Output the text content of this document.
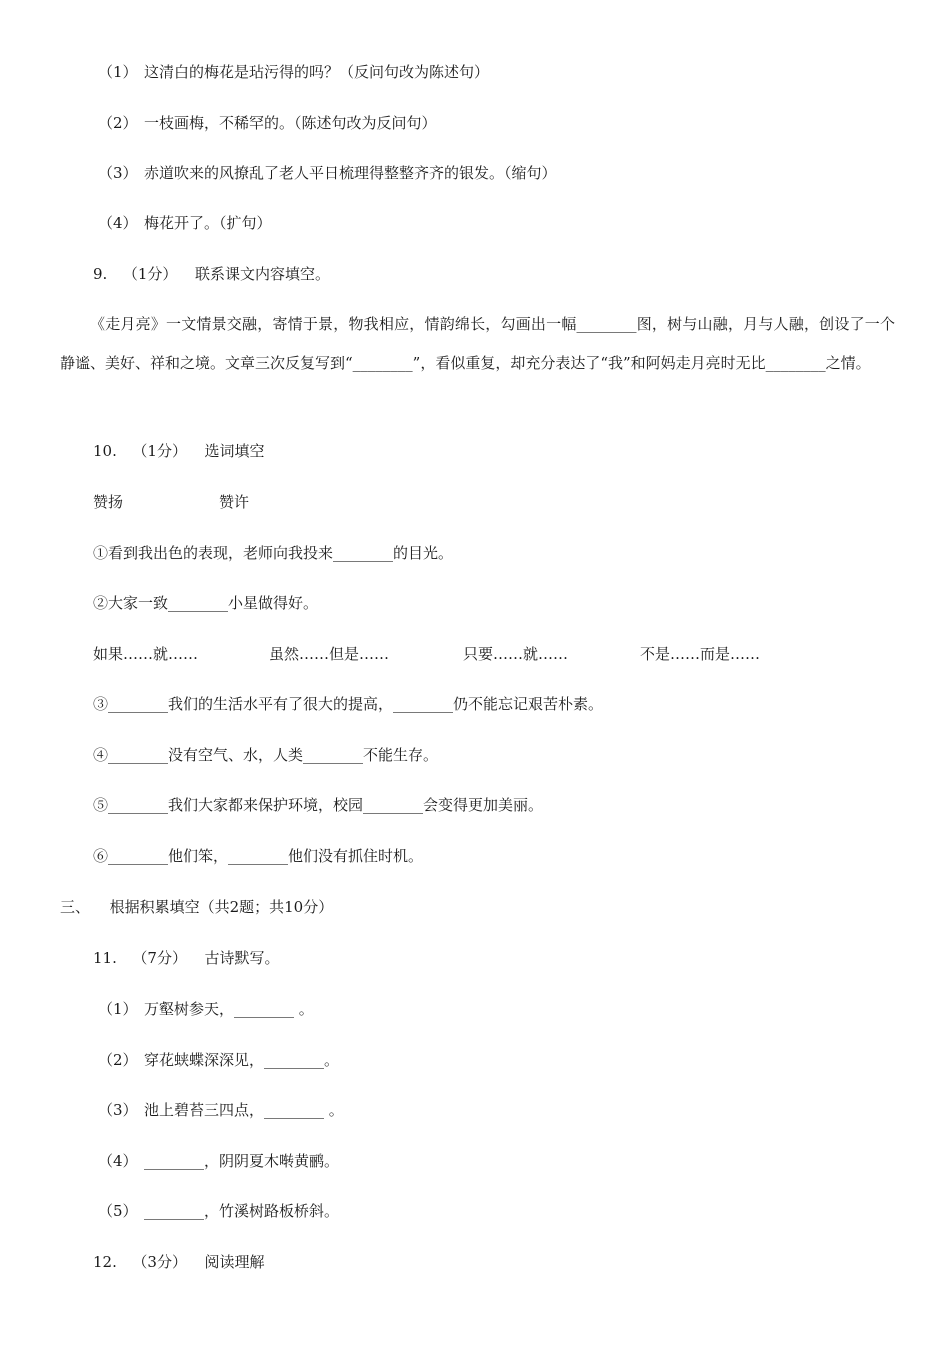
（1） 这清白的梅花是玷污得的吗？（反问句改为陈述句）
（2） 一枝画梅，不稀罕的。（陈述句改为反问句）
（3） 赤道吹来的风撩乱了老人平日梳理得整整齐齐的银发。（缩句）
（4） 梅花开了。（扩句）
9. （1分） 联系课文内容填空。
《走月亮》一文情景交融，寄情于景，物我相应，情韵绵长，勾画出一幅________图，树与山融，月与人融，创设了一个静谧、美好、祥和之境。文章三次反复写到“________”，看似重复，却充分表达了“我”和阿妈走月亮时无比________之情。
10. （1分） 选词填空
赞扬	赞许
①看到我出色的表现，老师向我投来________的目光。
②大家一致________小星做得好。
如果……就……	虽然……但是……	只要……就……	不是……而是……
③________我们的生活水平有了很大的提高，________仍不能忘记艰苦朴素。
④________没有空气、水，人类________不能生存。
⑤________我们大家都来保护环境，校园________会变得更加美丽。
⑥________他们笨，________他们没有抓住时机。
三、 根据积累填空（共2题；共10分）
11. （7分） 古诗默写。
（1） 万壑树参天，________ 。
（2） 穿花蛱蝶深深见，________。
（3） 池上碧苔三四点，________ 。
（4） ________，阴阴夏木啭黄鹂。
（5） ________，竹溪树路板桥斜。
12. （3分） 阅读理解
